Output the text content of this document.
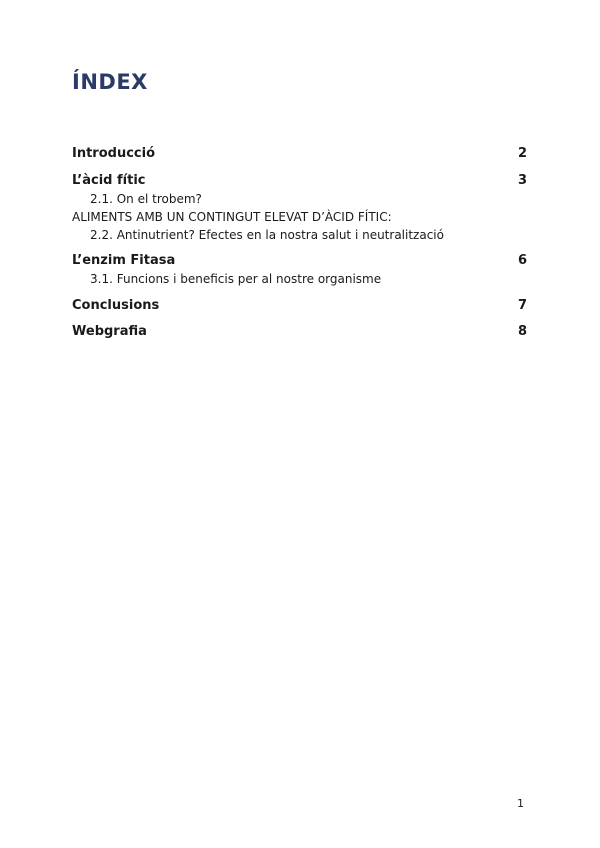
ÍNDEX
Introducció	2
L’àcid fític	3
2.1. On el trobem?
ALIMENTS AMB UN CONTINGUT ELEVAT D’ÀCID FÍTIC:
2.2. Antinutrient? Efectes en la nostra salut i neutralització
L’enzim Fitasa	6
3.1. Funcions i beneficis per al nostre organisme
Conclusions	7
Webgrafia	8
1
